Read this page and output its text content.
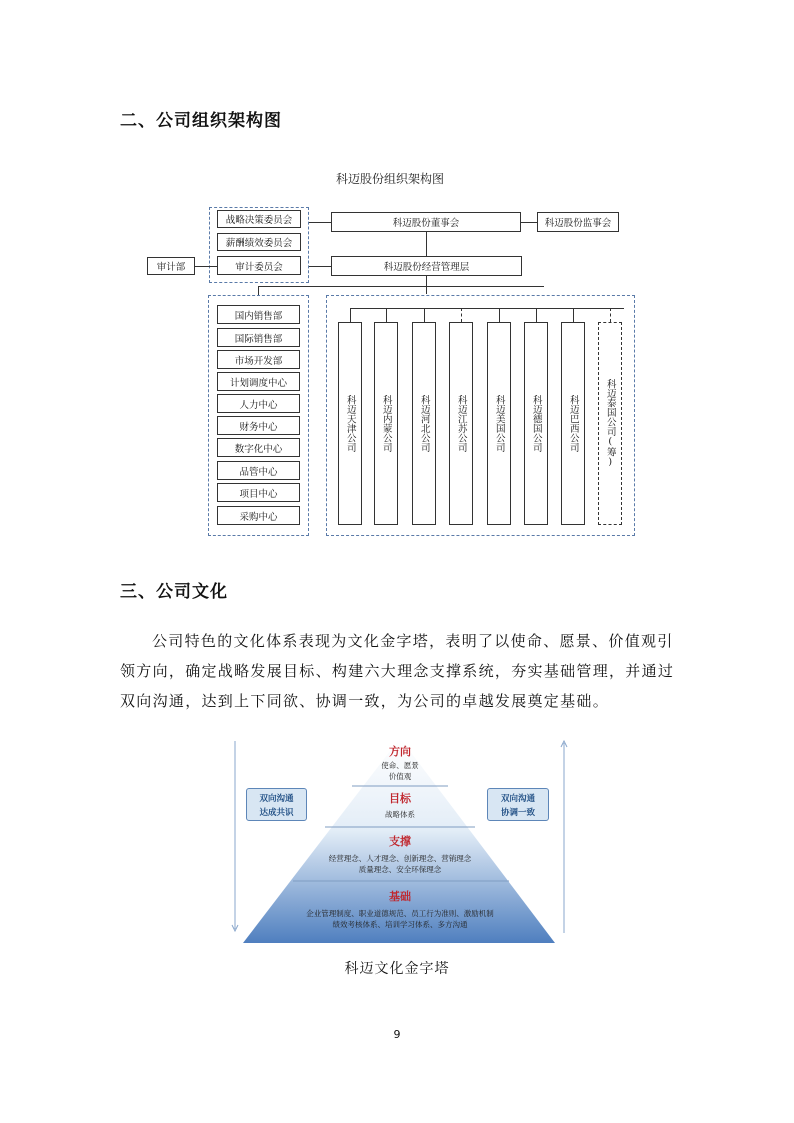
二、公司组织架构图
科迈股份组织架构图
战略决策委员会
薪酬绩效委员会
审计委员会
审计部
科迈股份董事会	科迈股份监事会
科迈股份经营管理层
国内销售部
国际销售部
市场开发部
计划调度中心
人力中心
财务中心
数字化中心
品管中心
项目中心
采购中心
科迈天津公司	科迈内蒙公司	科迈河北公司	科迈江苏公司	科迈美国公司	科迈德国公司	科迈巴西公司	科迈泰国公司(筹)
三、公司文化
公司特色的文化体系表现为文化金字塔，表明了以使命、愿景、价值观引领方向，确定战略发展目标、构建六大理念支撑系统，夯实基础管理，并通过双向沟通，达到上下同欲、协调一致，为公司的卓越发展奠定基础。
方向
使命、愿景
价值观
目标
战略体系
支撑
经营理念、人才理念、创新理念、营销理念
质量理念、安全环保理念
基础
企业管理制度、职业道德规范、员工行为准则、激励机制
绩效考核体系、培训学习体系、多方沟通
双向沟通
达成共识
双向沟通
协调一致
科迈文化金字塔
9
